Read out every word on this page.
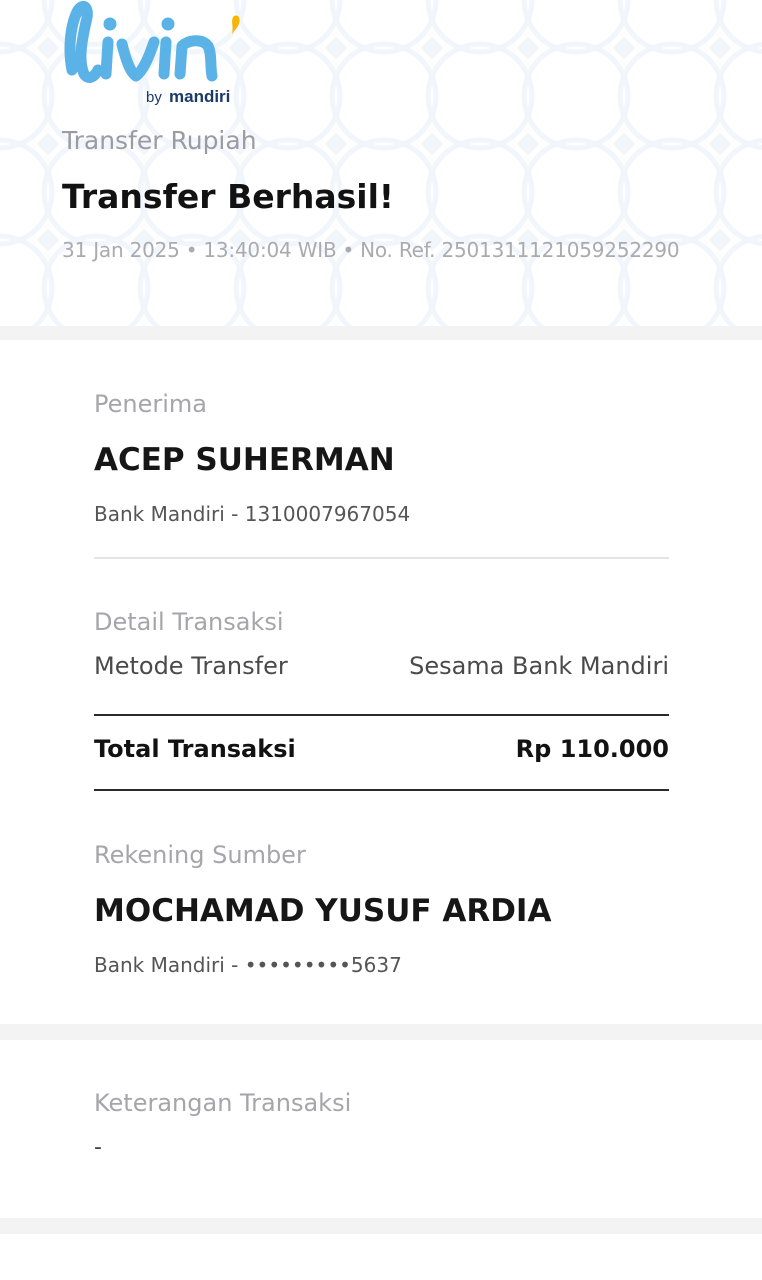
by mandiri
Transfer Rupiah
Transfer Berhasil!
31 Jan 2025 • 13:40:04 WIB • No. Ref. 2501311121059252290
Penerima
ACEP SUHERMAN
Bank Mandiri - 1310007967054
Detail Transaksi
Metode Transfer	Sesama Bank Mandiri
Total Transaksi	Rp 110.000
Rekening Sumber
MOCHAMAD YUSUF ARDIA
Bank Mandiri - •••••••••5637
Keterangan Transaksi
-
